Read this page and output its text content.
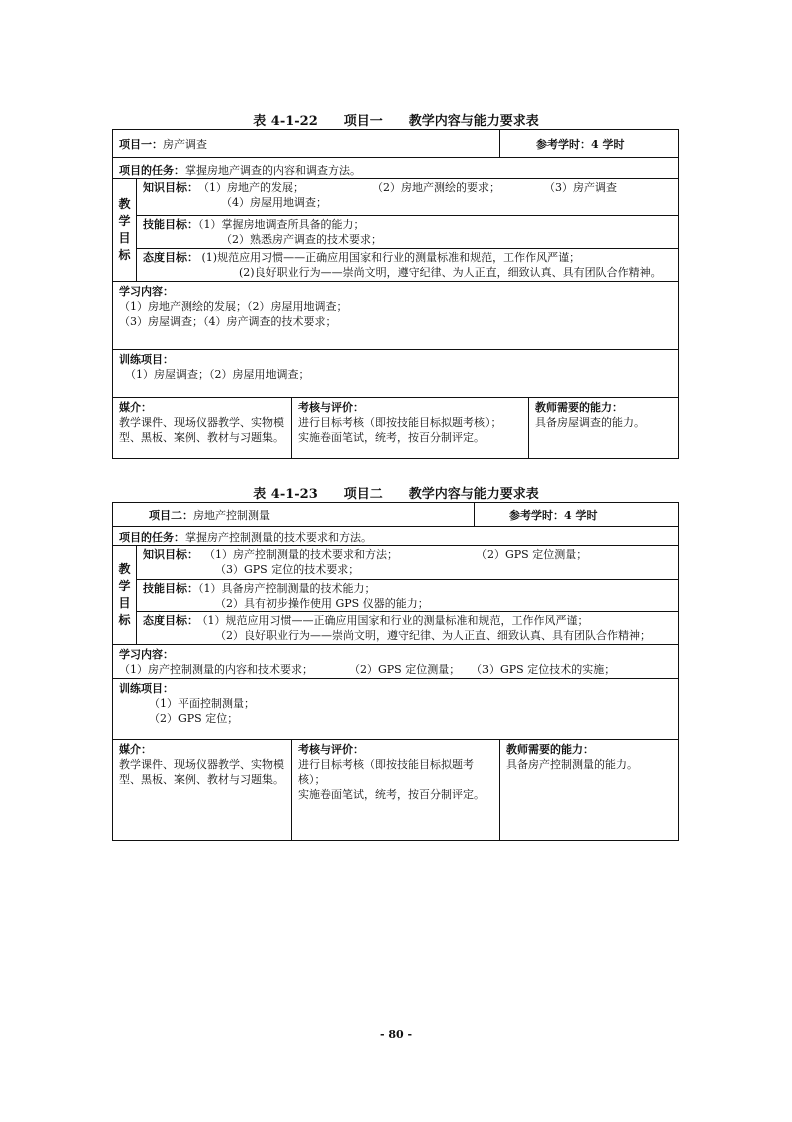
表 4-1-22　　项目一　　教学内容与能力要求表
项目一：房产调查	参考学时：4 学时
项目的任务：掌握房地产调查的内容和调查方法。
教
学
目
标
知识目标：（1）房地产的发展；	（2）房地产测绘的要求；	（3）房产调查
（4）房屋用地调查；
技能目标：（1）掌握房地调查所具备的能力；
（2）熟悉房产调查的技术要求；
态度目标： (1)规范应用习惯——正确应用国家和行业的测量标准和规范，工作作风严谨；
(2)良好职业行为——崇尚文明，遵守纪律、为人正直，细致认真、具有团队合作精神。
学习内容：
（1）房地产测绘的发展；（2）房屋用地调查；
（3）房屋调查；（4）房产调查的技术要求；
训练项目：
（1）房屋调查；（2）房屋用地调查；
媒介：
教学课件、现场仪器教学、实物模型、黑板、案例、教材与习题集。
考核与评价：
进行目标考核（即按技能目标拟题考核）；
实施卷面笔试，统考，按百分制评定。
教师需要的能力：
具备房屋调查的能力。
表 4-1-23　　项目二　　教学内容与能力要求表
项目二：房地产控制测量	参考学时：4 学时
项目的任务：掌握房产控制测量的技术要求和方法。
教
学
目
标
知识目标： （1）房产控制测量的技术要求和方法；	（2）GPS 定位测量；
（3）GPS 定位的技术要求；
技能目标：（1）具备房产控制测量的技术能力；
（2）具有初步操作使用 GPS 仪器的能力；
态度目标： （1）规范应用习惯——正确应用国家和行业的测量标准和规范，工作作风严谨；
（2）良好职业行为——崇尚文明，遵守纪律、为人正直、细致认真、具有团队合作精神；
学习内容：
（1）房产控制测量的内容和技术要求；	（2）GPS 定位测量； （3）GPS 定位技术的实施；
训练项目：
（1）平面控制测量；
（2）GPS 定位；
媒介：
教学课件、现场仪器教学、实物模型、黑板、案例、教材与习题集。
考核与评价：
进行目标考核（即按技能目标拟题考核）；
实施卷面笔试，统考，按百分制评定。
教师需要的能力：
具备房产控制测量的能力。
- 80 -
